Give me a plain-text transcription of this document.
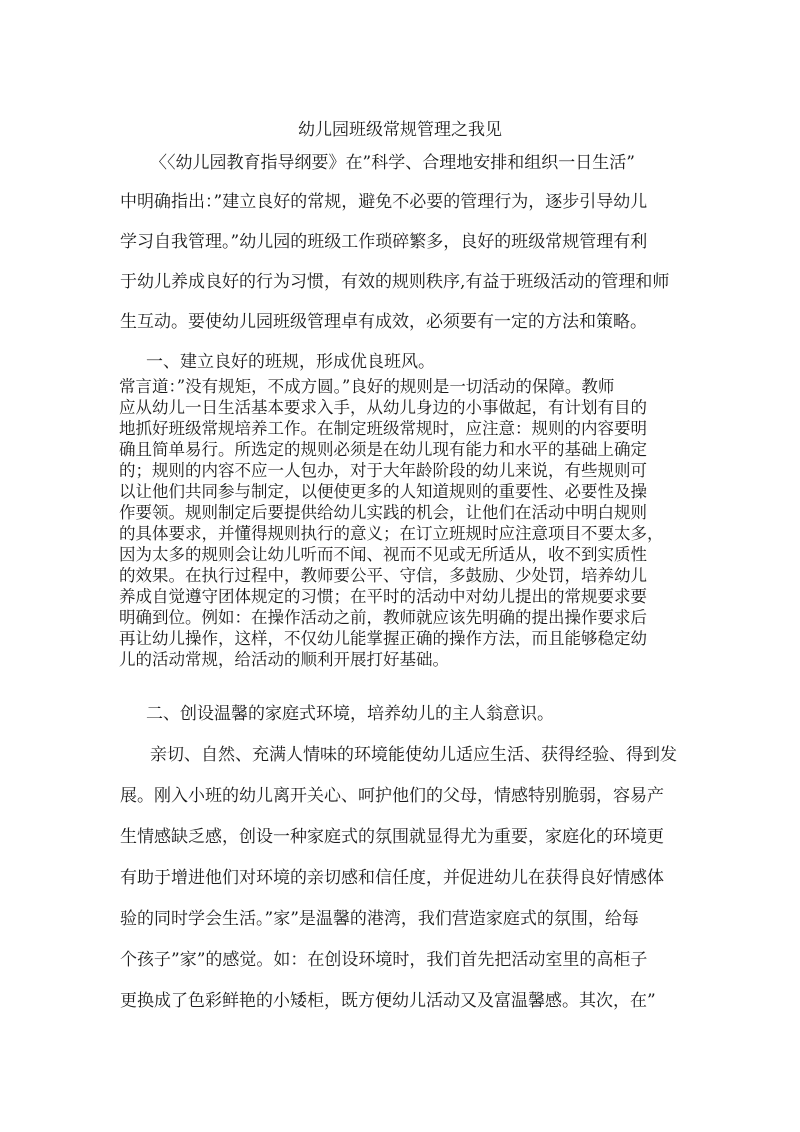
幼儿园班级常规管理之我见
〈〈幼儿园教育指导纲要》在”科学、合理地安排和组织一日生活”
中明确指出：”建立良好的常规，避免不必要的管理行为，逐步引导幼儿
学习自我管理。”幼儿园的班级工作琐碎繁多，良好的班级常规管理有利
于幼儿养成良好的行为习惯，有效的规则秩序,有益于班级活动的管理和师
生互动。要使幼儿园班级管理卓有成效，必须要有一定的方法和策略。
一、建立良好的班规，形成优良班风。
常言道：”没有规矩，不成方圆。”良好的规则是一切活动的保障。教师
应从幼儿一日生活基本要求入手，从幼儿身边的小事做起，有计划有目的
地抓好班级常规培养工作。在制定班级常规时，应注意：规则的内容要明
确且简单易行。所选定的规则必须是在幼儿现有能力和水平的基础上确定
的；规则的内容不应一人包办，对于大年龄阶段的幼儿来说，有些规则可
以让他们共同参与制定，以便使更多的人知道规则的重要性、必要性及操
作要领。规则制定后要提供给幼儿实践的机会，让他们在活动中明白规则
的具体要求，并懂得规则执行的意义；在订立班规时应注意项目不要太多，
因为太多的规则会让幼儿听而不闻、视而不见或无所适从，收不到实质性
的效果。在执行过程中，教师要公平、守信，多鼓励、少处罚，培养幼儿
养成自觉遵守团体规定的习惯；在平时的活动中对幼儿提出的常规要求要
明确到位。例如：在操作活动之前，教师就应该先明确的提出操作要求后
再让幼儿操作，这样，不仅幼儿能掌握正确的操作方法，而且能够稳定幼
儿的活动常规，给活动的顺利开展打好基础。
二、创设温馨的家庭式环境，培养幼儿的主人翁意识。
亲切、自然、充满人情味的环境能使幼儿适应生活、获得经验、得到发
展。刚入小班的幼儿离开关心、呵护他们的父母，情感特别脆弱，容易产
生情感缺乏感，创设一种家庭式的氛围就显得尤为重要，家庭化的环境更
有助于增进他们对环境的亲切感和信任度，并促进幼儿在获得良好情感体
验的同时学会生活。”家”是温馨的港湾，我们营造家庭式的氛围，给每
个孩子”家”的感觉。如：在创设环境时，我们首先把活动室里的高柜子
更换成了色彩鲜艳的小矮柜，既方便幼儿活动又及富温馨感。其次，在”
